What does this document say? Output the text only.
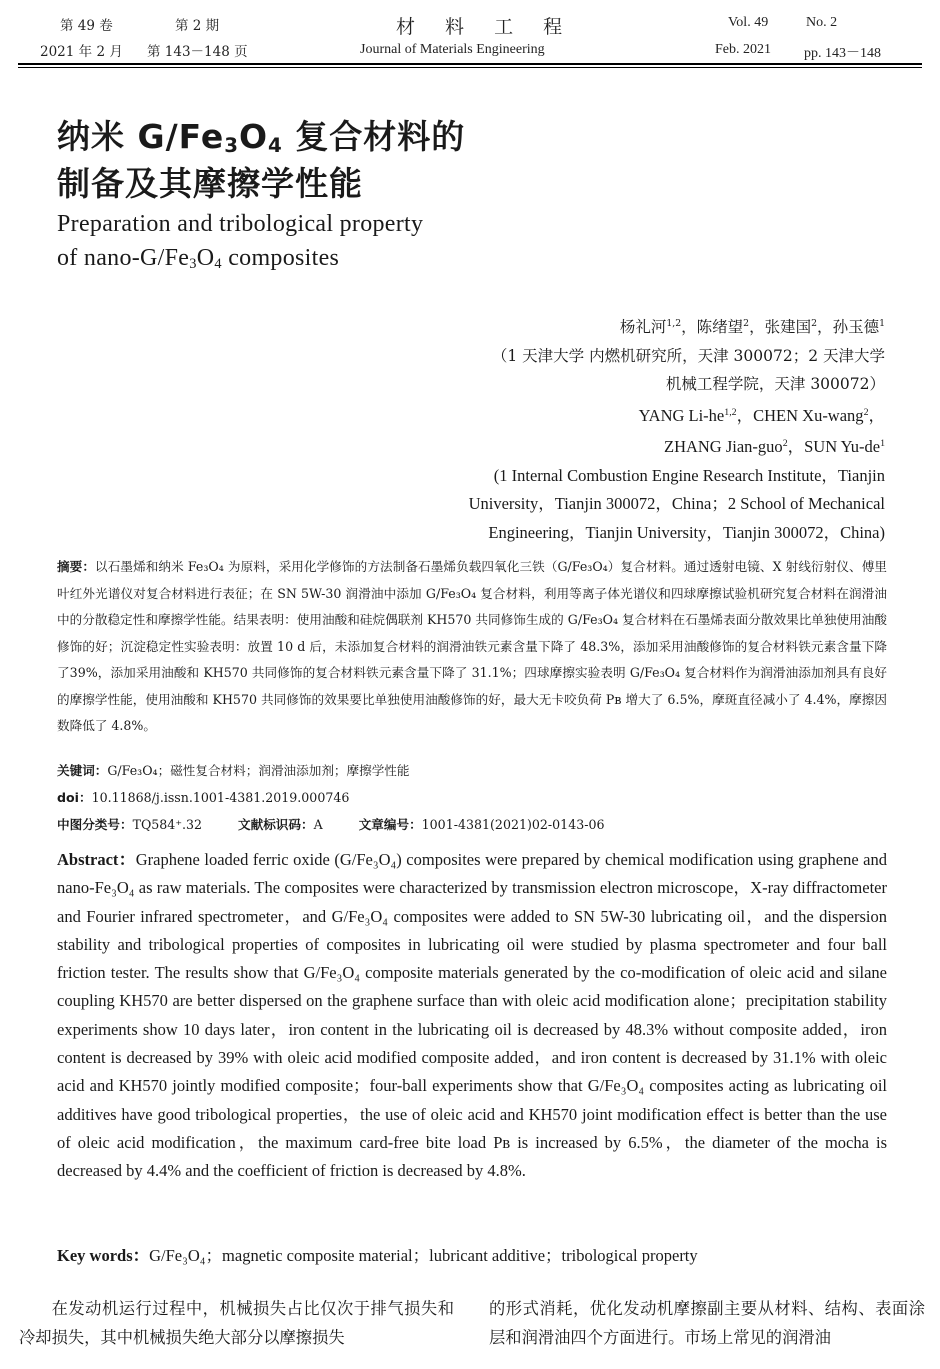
第 49 卷	第 2 期
2021 年 2 月 第 143－148 页
材 料 工 程
Journal of Materials Engineering
Vol. 49	No. 2
Feb. 2021 pp. 143－148
纳米 $G/Fe_3O_4$ 复合材料的
制备及其摩擦学性能
Preparation and tribological property
of nano-$G/Fe_3O_4$ composites
杨礼河$^{1,2}$，陈绪望$^2$，张建国$^2$，孙玉德$^1$
（1 天津大学 内燃机研究所，天津 300072；2 天津大学
机械工程学院，天津 300072）
YANG Li-he$^{1,2}$，CHEN Xu-wang$^2$，
ZHANG Jian-guo$^2$，SUN $Yu-de^1$
(1 Internal Combustion Engine Research Institute，Tianjin
University，Tianjin 300072，China；2 School of Mechanical
Engineering，Tianjin University，Tianjin 300072，China)
摘要：以石墨烯和纳米 Fe₃O₄ 为原料，采用化学修饰的方法制备石墨烯负载四氧化三铁（G/Fe₃O₄）复合材料。通过透射电镜、X 射线衍射仪、傅里叶红外光谱仪对复合材料进行表征；在 SN 5W-30 润滑油中添加 G/Fe₃O₄ 复合材料，利用等离子体光谱仪和四球摩擦试验机研究复合材料在润滑油中的分散稳定性和摩擦学性能。结果表明：使用油酸和硅烷偶联剂 KH570 共同修饰生成的 G/Fe₃O₄ 复合材料在石墨烯表面分散效果比单独使用油酸修饰的好；沉淀稳定性实验表明：放置 10 d 后，未添加复合材料的润滑油铁元素含量下降了 48.3%，添加采用油酸修饰的复合材料铁元素含量下降了39%，添加采用油酸和 KH570 共同修饰的复合材料铁元素含量下降了 31.1%；四球摩擦实验表明 G/Fe₃O₄ 复合材料作为润滑油添加剂具有良好的摩擦学性能，使用油酸和 KH570 共同修饰的效果要比单独使用油酸修饰的好，最大无卡咬负荷 Pʙ 增大了 6.5%，摩斑直径减小了 4.4%，摩擦因数降低了 4.8%。
关键词：G/Fe₃O₄；磁性复合材料；润滑油添加剂；摩擦学性能
doi：10.11868/j.issn.1001-4381.2019.000746
中图分类号：TQ584⁺.32	文献标识码：A	文章编号：1001-4381(2021)02-0143-06
Abstract：Graphene loaded ferric oxide (G/Fe₃O₄) composites were prepared by chemical modification using graphene and nano-Fe₃O₄ as raw materials. The composites were characterized by transmission electron microscope，X-ray diffractometer and Fourier infrared spectrometer，and G/Fe₃O₄ composites were added to SN 5W-30 lubricating oil，and the dispersion stability and tribological properties of composites in lubricating oil were studied by plasma spectrometer and four ball friction tester. The results show that G/Fe₃O₄ composite materials generated by the co-modification of oleic acid and silane coupling KH570 are better dispersed on the graphene surface than with oleic acid modification alone；precipitation stability experiments show 10 days later，iron content in the lubricating oil is decreased by 48.3% without composite added，iron content is decreased by 39% with oleic acid modified composite added，and iron content is decreased by 31.1% with oleic acid and KH570 jointly modified composite；four-ball experiments show that G/Fe₃O₄ composites acting as lubricating oil additives have good tribological properties，the use of oleic acid and KH570 joint modification effect is better than the use of oleic acid modification，the maximum card-free bite load Pʙ is increased by 6.5%，the diameter of the mocha is decreased by 4.4% and the coefficient of friction is decreased by 4.8%.
Key words：G/Fe₃O₄；magnetic composite material；lubricant additive；tribological property
在发动机运行过程中，机械损失占比仅次于排气损失和冷却损失，其中机械损失绝大部分以摩擦损失
的形式消耗，优化发动机摩擦副主要从材料、结构、表面涂层和润滑油四个方面进行。市场上常见的润滑油
